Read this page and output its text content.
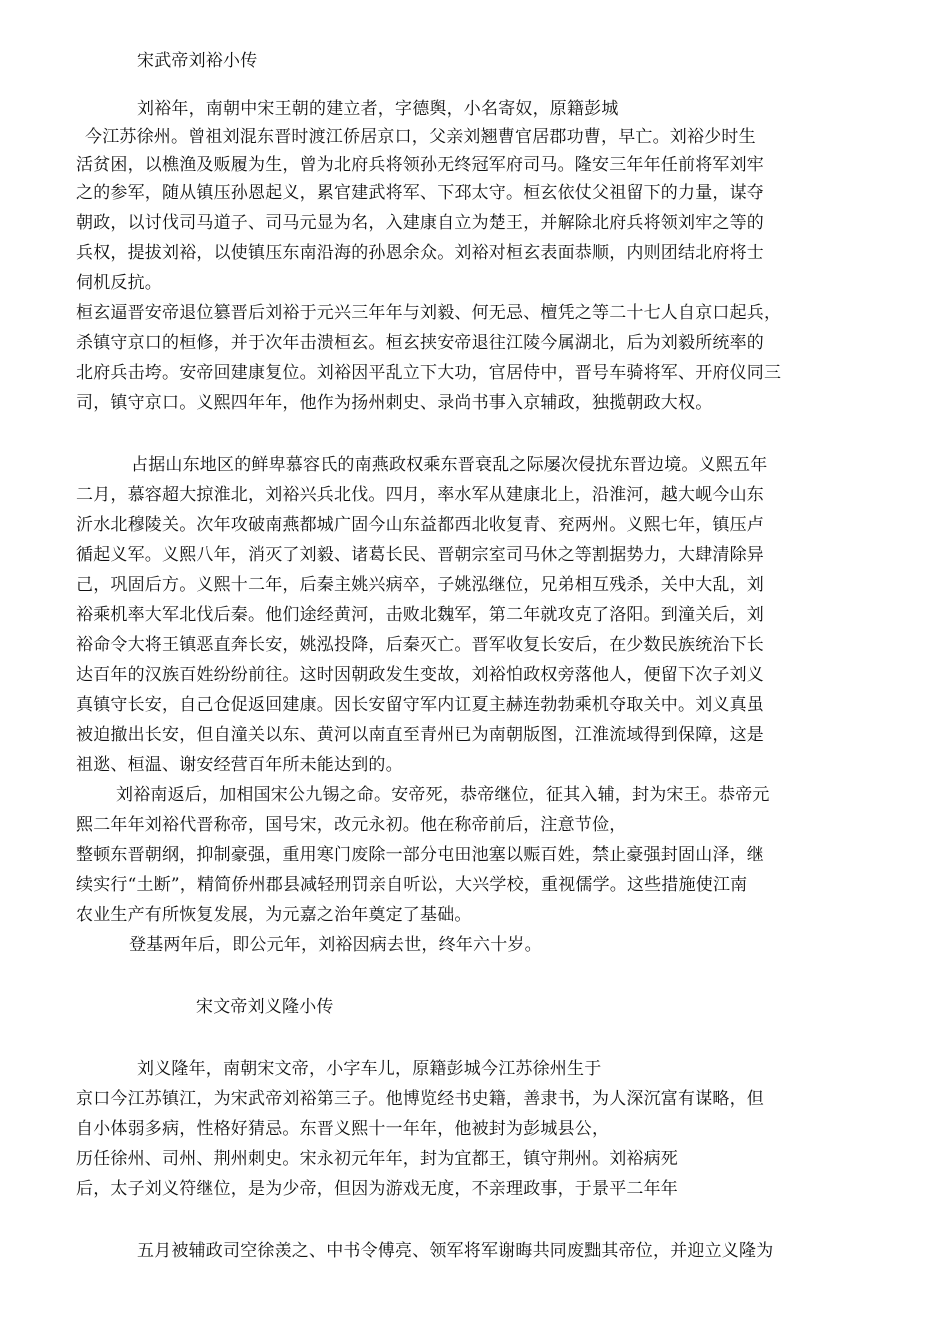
宋武帝刘裕小传
刘裕年，南朝中宋王朝的建立者，字德舆，小名寄奴，原籍彭城
今江苏徐州。曾祖刘混东晋时渡江侨居京口，父亲刘翘曹官居郡功曹，早亡。刘裕少时生
活贫困，以樵渔及贩履为生，曾为北府兵将领孙无终冠军府司马。隆安三年年任前将军刘牢
之的参军，随从镇压孙恩起义，累官建武将军、下邳太守。桓玄依仗父祖留下的力量，谋夺
朝政，以讨伐司马道子、司马元显为名，入建康自立为楚王，并解除北府兵将领刘牢之等的
兵权，提拔刘裕，以使镇压东南沿海的孙恩余众。刘裕对桓玄表面恭顺，内则团结北府将士
伺机反抗。
桓玄逼晋安帝退位篡晋后刘裕于元兴三年年与刘毅、何无忌、檀凭之等二十七人自京口起兵，
杀镇守京口的桓修，并于次年击溃桓玄。桓玄挟安帝退往江陵今属湖北，后为刘毅所统率的
北府兵击垮。安帝回建康复位。刘裕因平乱立下大功，官居侍中，晋号车骑将军、开府仪同三
司，镇守京口。义熙四年年，他作为扬州刺史、录尚书事入京辅政，独揽朝政大权。
占据山东地区的鲜卑慕容氏的南燕政权乘东晋衰乱之际屡次侵扰东晋边境。义熙五年
二月，慕容超大掠淮北，刘裕兴兵北伐。四月，率水军从建康北上，沿淮河，越大岘今山东
沂水北穆陵关。次年攻破南燕都城广固今山东益都西北收复青、兖两州。义熙七年，镇压卢
循起义军。义熙八年，消灭了刘毅、诸葛长民、晋朝宗室司马休之等割据势力，大肆清除异
己，巩固后方。义熙十二年，后秦主姚兴病卒，子姚泓继位，兄弟相互残杀，关中大乱，刘
裕乘机率大军北伐后秦。他们途经黄河，击败北魏军，第二年就攻克了洛阳。到潼关后，刘
裕命令大将王镇恶直奔长安，姚泓投降，后秦灭亡。晋军收复长安后，在少数民族统治下长
达百年的汉族百姓纷纷前往。这时因朝政发生变故，刘裕怕政权旁落他人，便留下次子刘义
真镇守长安，自己仓促返回建康。因长安留守军内讧夏主赫连勃勃乘机夺取关中。刘义真虽
被迫撤出长安，但自潼关以东、黄河以南直至青州已为南朝版图，江淮流域得到保障，这是
祖逖、桓温、谢安经营百年所未能达到的。
刘裕南返后，加相国宋公九锡之命。安帝死，恭帝继位，征其入辅，封为宋王。恭帝元
熙二年年刘裕代晋称帝，国号宋，改元永初。他在称帝前后，注意节俭，
整顿东晋朝纲，抑制豪强，重用寒门废除一部分屯田池塞以赈百姓，禁止豪强封固山泽，继
续实行“土断”，精简侨州郡县减轻刑罚亲自听讼，大兴学校，重视儒学。这些措施使江南
农业生产有所恢复发展，为元嘉之治年奠定了基础。
登基两年后，即公元年，刘裕因病去世，终年六十岁。
宋文帝刘义隆小传
刘义隆年，南朝宋文帝，小字车儿，原籍彭城今江苏徐州生于
京口今江苏镇江，为宋武帝刘裕第三子。他博览经书史籍，善隶书，为人深沉富有谋略，但
自小体弱多病，性格好猜忌。东晋义熙十一年年，他被封为彭城县公，
历任徐州、司州、荆州刺史。宋永初元年年，封为宜都王，镇守荆州。刘裕病死
后，太子刘义符继位，是为少帝，但因为游戏无度，不亲理政事，于景平二年年
五月被辅政司空徐羡之、中书令傅亮、领军将军谢晦共同废黜其帝位，并迎立义隆为
